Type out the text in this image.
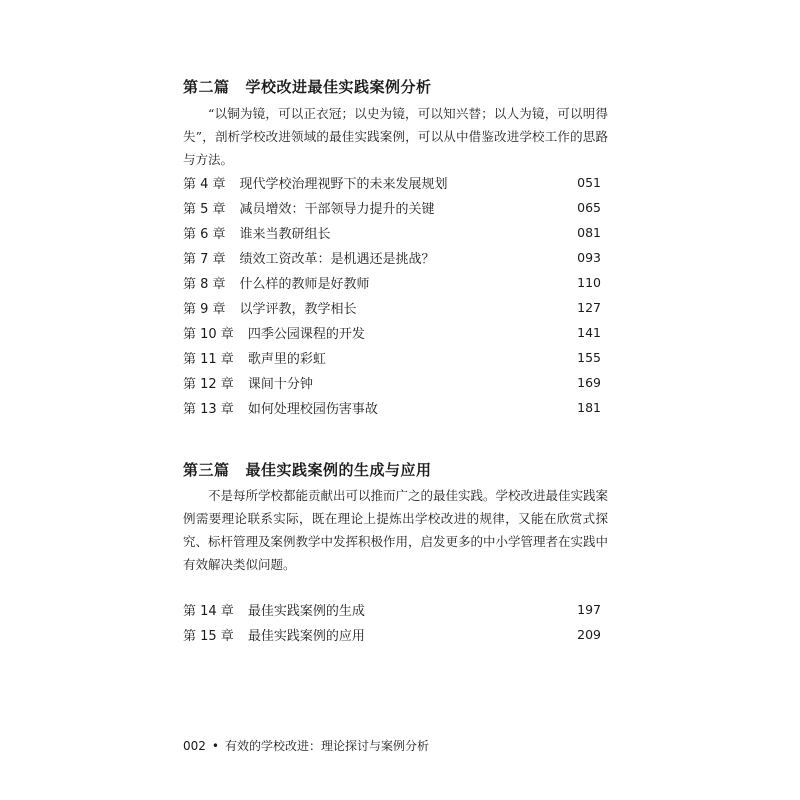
第二篇 学校改进最佳实践案例分析
“以铜为镜，可以正衣冠；以史为镜，可以知兴替；以人为镜，可以明得失”，剖析学校改进领域的最佳实践案例，可以从中借鉴改进学校工作的思路与方法。
第 4 章 现代学校治理视野下的未来发展规划	051
第 5 章 减员增效：干部领导力提升的关键	065
第 6 章 谁来当教研组长	081
第 7 章 绩效工资改革：是机遇还是挑战？	093
第 8 章 什么样的教师是好教师	110
第 9 章 以学评教，教学相长	127
第 10 章 四季公园课程的开发	141
第 11 章 歌声里的彩虹	155
第 12 章 课间十分钟	169
第 13 章 如何处理校园伤害事故	181
第三篇 最佳实践案例的生成与应用
不是每所学校都能贡献出可以推而广之的最佳实践。学校改进最佳实践案例需要理论联系实际，既在理论上提炼出学校改进的规律，又能在欣赏式探究、标杆管理及案例教学中发挥积极作用，启发更多的中小学管理者在实践中有效解决类似问题。
第 14 章 最佳实践案例的生成	197
第 15 章 最佳实践案例的应用	209
002 • 有效的学校改进：理论探讨与案例分析
